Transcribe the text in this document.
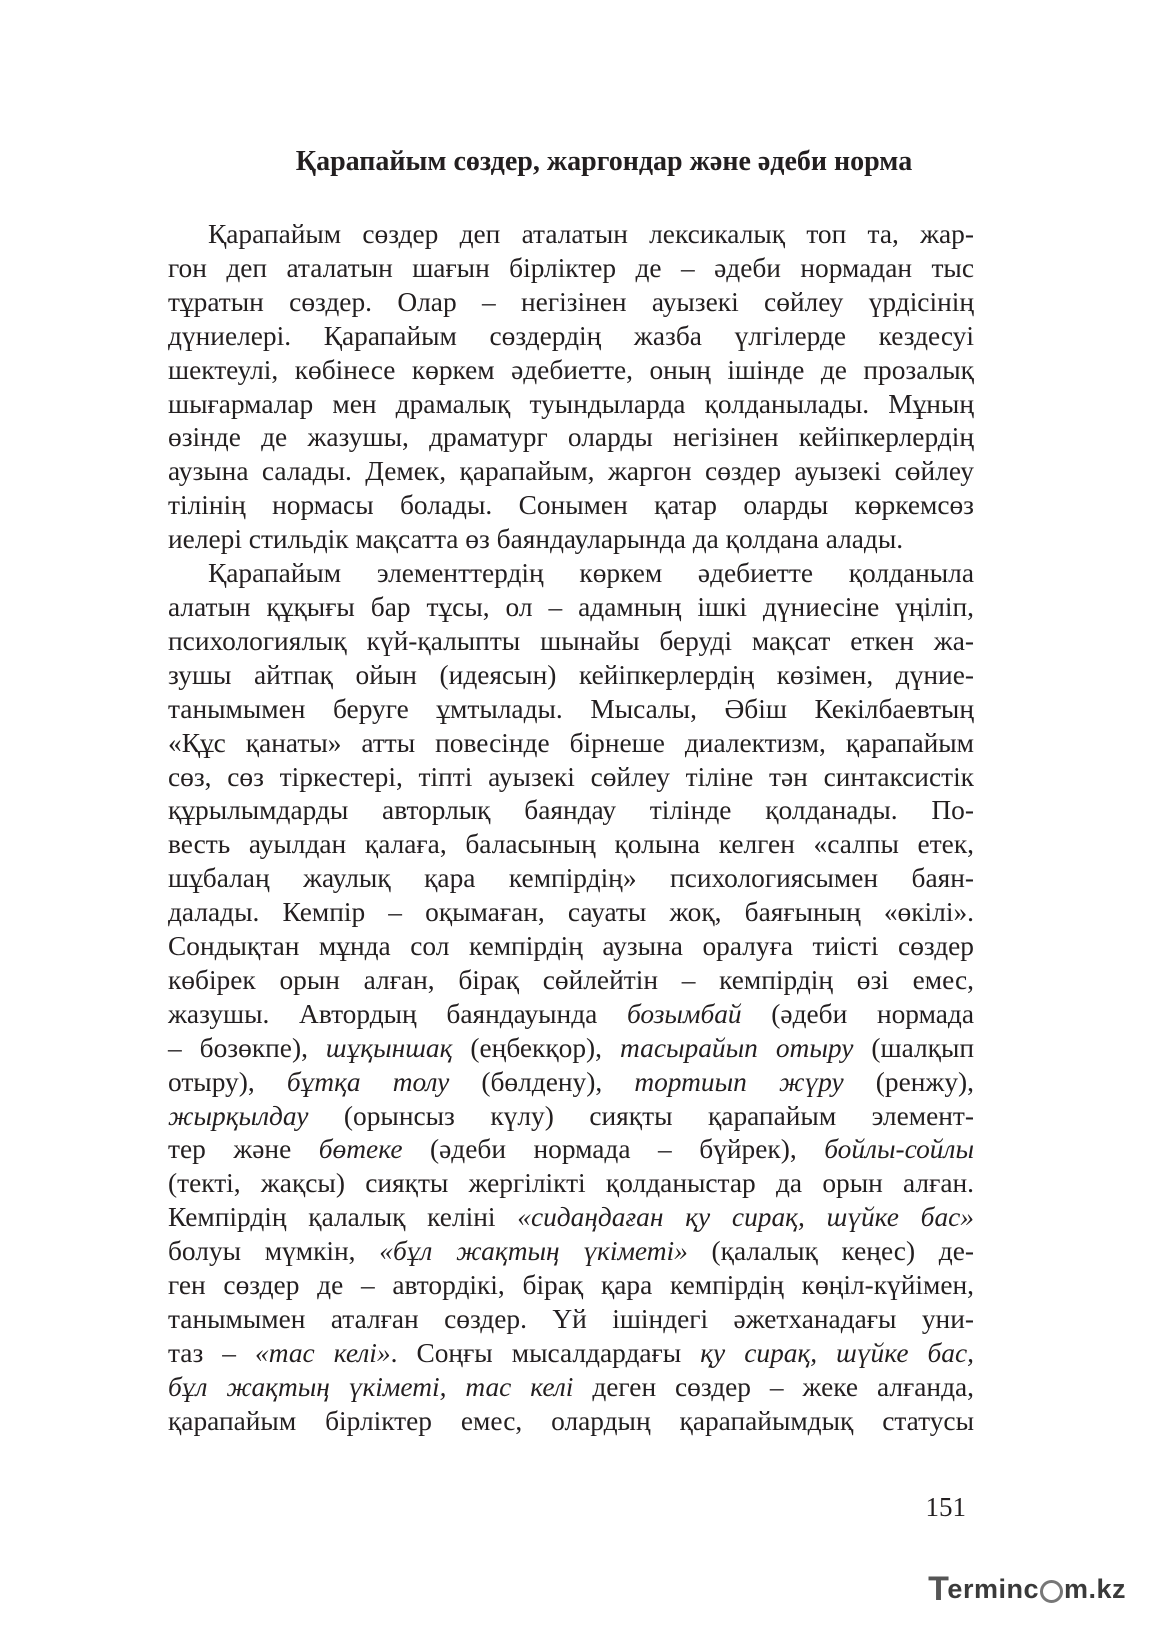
Қарапайым сөздер, жаргондар және әдеби норма
Қарапайым сөздер деп аталатын лексикалық топ та, жар-
гон деп аталатын шағын бірліктер де – әдеби нормадан тыс
тұратын сөздер. Олар – негізінен ауызекі сөйлеу үрдісінің
дүниелері. Қарапайым сөздердің жазба үлгілерде кездесуі
шектеулі, көбінесе көркем әдебиетте, оның ішінде де прозалық
шығармалар мен драмалық туындыларда қолданылады. Мұның
өзінде де жазушы, драматург оларды негізінен кейіпкерлердің
аузына салады. Демек, қарапайым, жаргон сөздер ауызекі сөйлеу
тілінің нормасы болады. Сонымен қатар оларды көркемсөз
иелері стильдік мақсатта өз баяндауларында да қолдана алады.
Қарапайым элементтердің көркем әдебиетте қолданыла
алатын құқығы бар тұсы, ол – адамның ішкі дүниесіне үңіліп,
психологиялық күй-қалыпты шынайы беруді мақсат еткен жа-
зушы айтпақ ойын (идеясын) кейіпкерлердің көзімен, дүние-
танымымен беруге ұмтылады. Мысалы, Әбіш Кекілбаевтың
«Құс қанаты» атты повесінде бірнеше диалектизм, қарапайым
сөз, сөз тіркестері, тіпті ауызекі сөйлеу тіліне тән синтаксистік
құрылымдарды авторлық баяндау тілінде қолданады. По-
весть ауылдан қалаға, баласының қолына келген «салпы етек,
шұбалаң жаулық қара кемпірдің» психологиясымен баян-
далады. Кемпір – оқымаған, сауаты жоқ, баяғының «өкілі».
Сондықтан мұнда сол кемпірдің аузына оралуға тиісті сөздер
көбірек орын алған, бірақ сөйлейтін – кемпірдің өзі емес,
жазушы. Автордың баяндауында бозымбай (әдеби нормада
– бозөкпе), шұқыншақ (еңбекқор), тасырайып отыру (шалқып
отыру), бұтқа толу (бөлдену), тортиып жүру (ренжу),
жырқылдау (орынсыз күлу) сияқты қарапайым элемент-
тер және бөтеке (әдеби нормада – бүйрек), бойлы-сойлы
(текті, жақсы) сияқты жергілікті қолданыстар да орын алған.
Кемпірдің қалалық келіні «сидаңдаған қу сирақ, шүйке бас»
болуы мүмкін, «бұл жақтың үкіметі» (қалалық кеңес) де-
ген сөздер де – автордікі, бірақ қара кемпірдің көңіл-күйімен,
танымымен аталған сөздер. Үй ішіндегі әжетханадағы уни-
таз – «тас келі». Соңғы мысалдардағы қу сирақ, шүйке бас,
бұл жақтың үкіметі, тас келі деген сөздер – жеке алғанда,
қарапайым бірліктер емес, олардың қарапайымдық статусы
151
T
erminc m.kz
